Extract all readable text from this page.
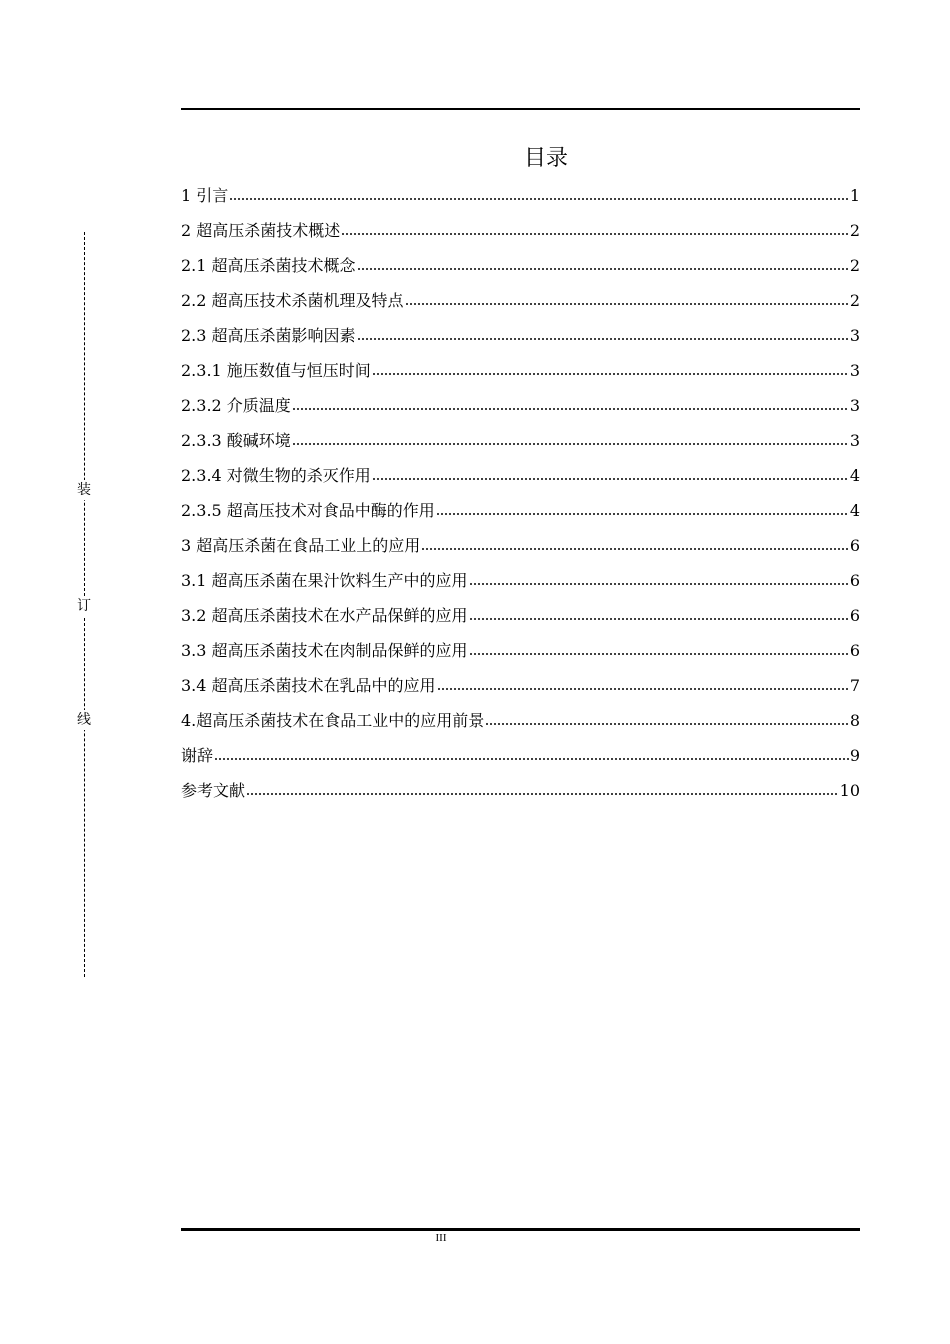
目录
1 引言	1
2 超高压杀菌技术概述	2
2.1 超高压杀菌技术概念	2
2.2 超高压技术杀菌机理及特点	2
2.3 超高压杀菌影响因素	3
2.3.1 施压数值与恒压时间	3
2.3.2 介质温度	3
2.3.3 酸碱环境	3
2.3.4 对微生物的杀灭作用	4
2.3.5 超高压技术对食品中酶的作用	4
3 超高压杀菌在食品工业上的应用	6
3.1 超高压杀菌在果汁饮料生产中的应用	6
3.2 超高压杀菌技术在水产品保鲜的应用	6
3.3 超高压杀菌技术在肉制品保鲜的应用	6
3.4 超高压杀菌技术在乳品中的应用	7
4.超高压杀菌技术在食品工业中的应用前景	8
谢辞	9
参考文献	10
装
订
线
III
